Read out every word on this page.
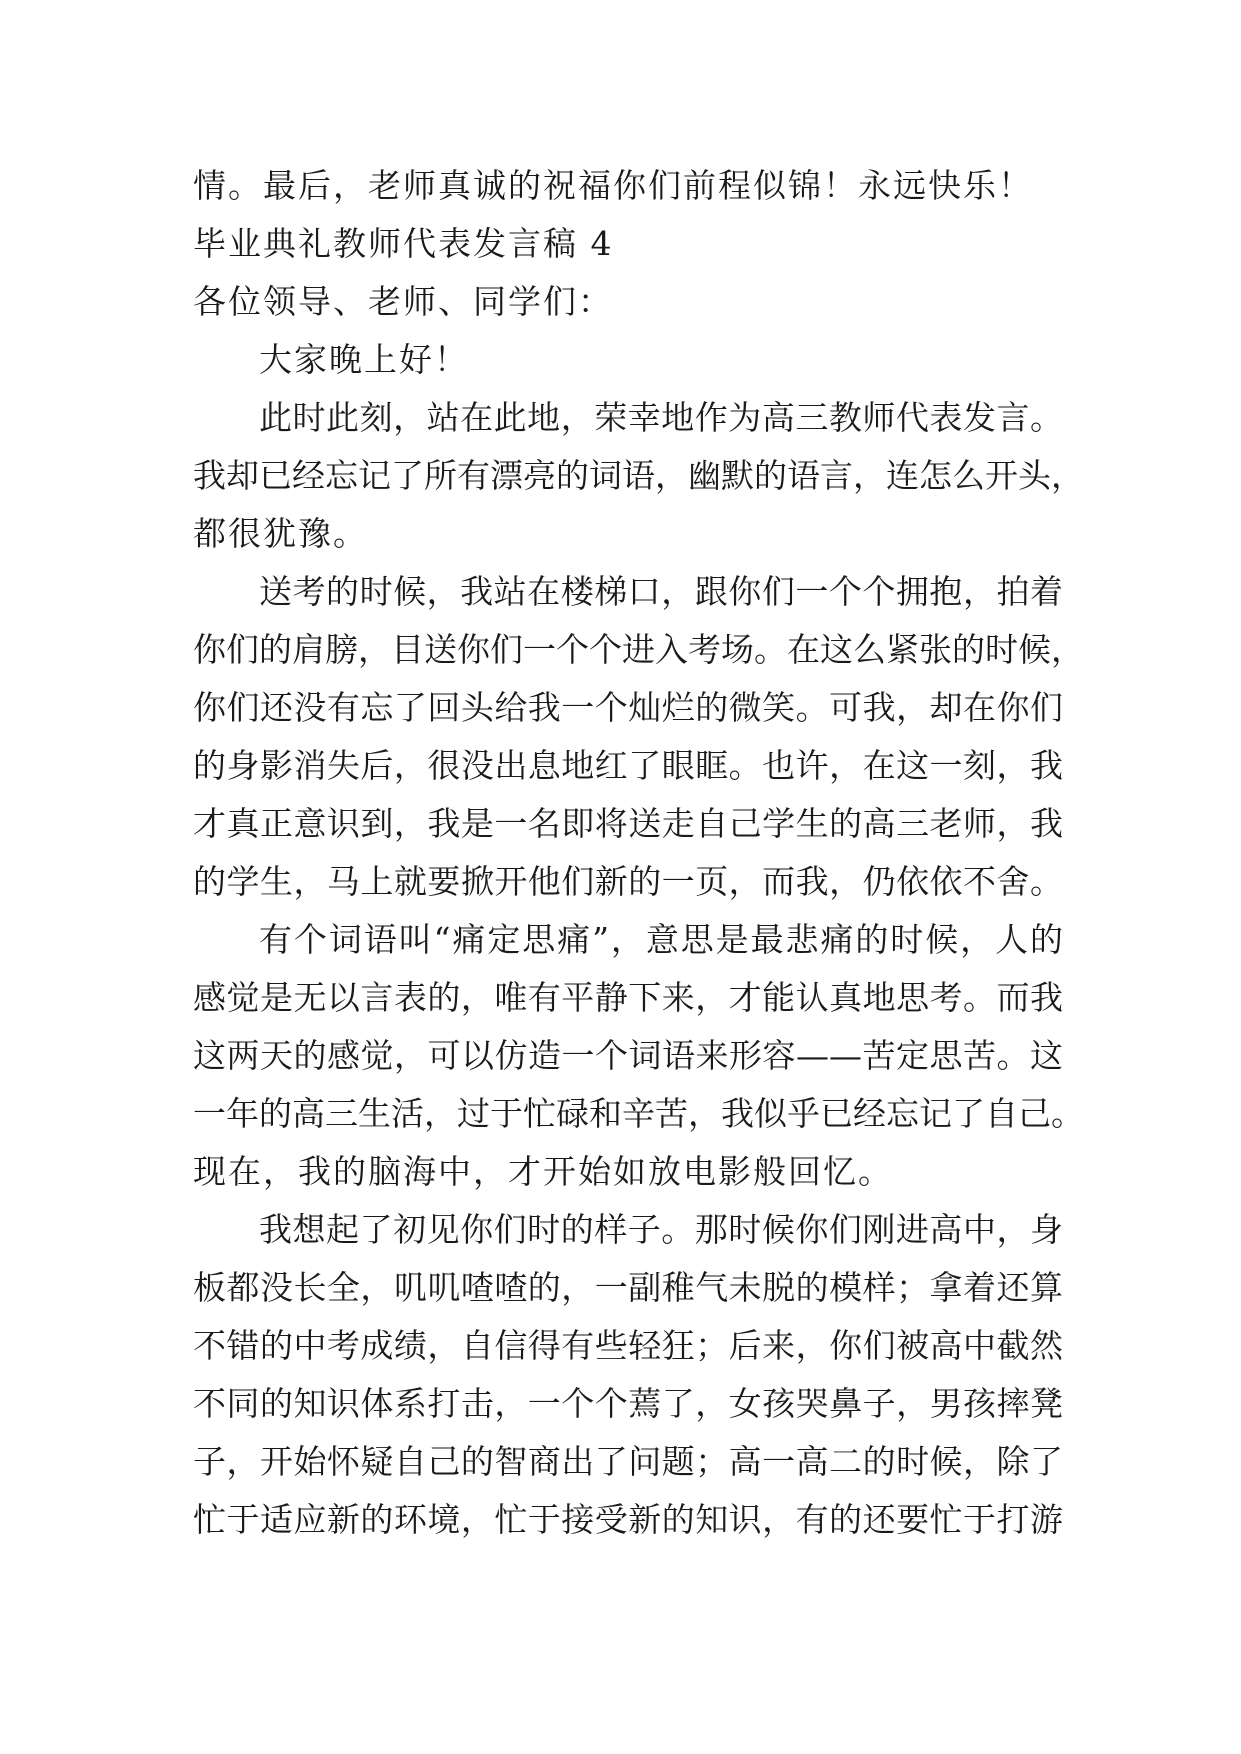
情。最后，老师真诚的祝福你们前程似锦！永远快乐！
毕业典礼教师代表发言稿 4
各位领导、老师、同学们：
大家晚上好！
此时此刻，站在此地，荣幸地作为高三教师代表发言。
我却已经忘记了所有漂亮的词语，幽默的语言，连怎么开头，
都很犹豫。
送考的时候，我站在楼梯口，跟你们一个个拥抱，拍着
你们的肩膀，目送你们一个个进入考场。在这么紧张的时候，
你们还没有忘了回头给我一个灿烂的微笑。可我，却在你们
的身影消失后，很没出息地红了眼眶。也许，在这一刻，我
才真正意识到，我是一名即将送走自己学生的高三老师，我
的学生，马上就要掀开他们新的一页，而我，仍依依不舍。
有个词语叫“痛定思痛”，意思是最悲痛的时候，人的
感觉是无以言表的，唯有平静下来，才能认真地思考。而我
这两天的感觉，可以仿造一个词语来形容——苦定思苦。这
一年的高三生活，过于忙碌和辛苦，我似乎已经忘记了自己。
现在，我的脑海中，才开始如放电影般回忆。
我想起了初见你们时的样子。那时候你们刚进高中，身
板都没长全，叽叽喳喳的，一副稚气未脱的模样；拿着还算
不错的中考成绩，自信得有些轻狂；后来，你们被高中截然
不同的知识体系打击，一个个蔫了，女孩哭鼻子，男孩摔凳
子，开始怀疑自己的智商出了问题；高一高二的时候，除了
忙于适应新的环境，忙于接受新的知识，有的还要忙于打游
